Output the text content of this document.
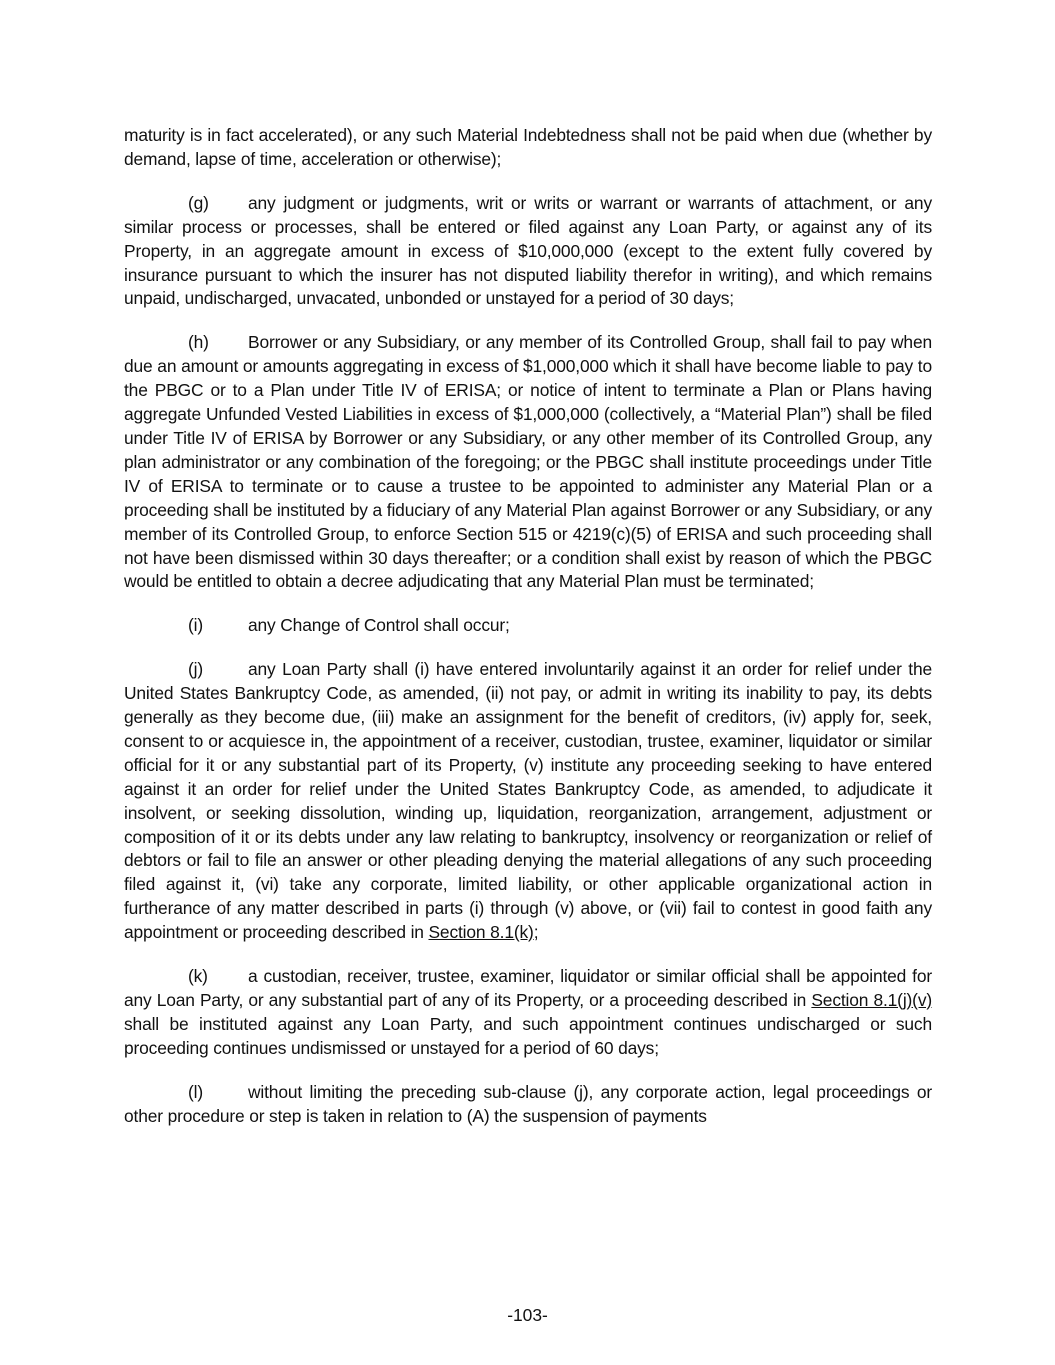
maturity is in fact accelerated), or any such Material Indebtedness shall not be paid when due (whether by demand, lapse of time, acceleration or otherwise);

(g) any judgment or judgments, writ or writs or warrant or warrants of attachment, or any similar process or processes, shall be entered or filed against any Loan Party, or against any of its Property, in an aggregate amount in excess of $10,000,000 (except to the extent fully covered by insurance pursuant to which the insurer has not disputed liability therefor in writing), and which remains unpaid, undischarged, unvacated, unbonded or unstayed for a period of 30 days;

(h) Borrower or any Subsidiary, or any member of its Controlled Group, shall fail to pay when due an amount or amounts aggregating in excess of $1,000,000 which it shall have become liable to pay to the PBGC or to a Plan under Title IV of ERISA; or notice of intent to terminate a Plan or Plans having aggregate Unfunded Vested Liabilities in excess of $1,000,000 (collectively, a “Material Plan”) shall be filed under Title IV of ERISA by Borrower or any Subsidiary, or any other member of its Controlled Group, any plan administrator or any combination of the foregoing; or the PBGC shall institute proceedings under Title IV of ERISA to terminate or to cause a trustee to be appointed to administer any Material Plan or a proceeding shall be instituted by a fiduciary of any Material Plan against Borrower or any Subsidiary, or any member of its Controlled Group, to enforce Section 515 or 4219(c)(5) of ERISA and such proceeding shall not have been dismissed within 30 days thereafter; or a condition shall exist by reason of which the PBGC would be entitled to obtain a decree adjudicating that any Material Plan must be terminated;

(i)	any Change of Control shall occur;

(j)	any Loan Party shall (i) have entered involuntarily against it an order for relief under the United States Bankruptcy Code, as amended, (ii) not pay, or admit in writing its inability to pay, its debts generally as they become due, (iii) make an assignment for the benefit of creditors, (iv) apply for, seek, consent to or acquiesce in, the appointment of a receiver, custodian, trustee, examiner, liquidator or similar official for it or any substantial part of its Property, (v) institute any proceeding seeking to have entered against it an order for relief under the United States Bankruptcy Code, as amended, to adjudicate it insolvent, or seeking dissolution, winding up, liquidation, reorganization, arrangement, adjustment or composition of it or its debts under any law relating to bankruptcy, insolvency or reorganization or relief of debtors or fail to file an answer or other pleading denying the material allegations of any such proceeding filed against it, (vi) take any corporate, limited liability, or other applicable organizational action in furtherance of any matter described in parts (i) through (v) above, or (vii) fail to contest in good faith any appointment or proceeding described in Section 8.1(k);

(k) a custodian, receiver, trustee, examiner, liquidator or similar official shall be appointed for any Loan Party, or any substantial part of any of its Property, or a proceeding described in Section 8.1(j)(v) shall be instituted against any Loan Party, and such appointment continues undischarged or such proceeding continues undismissed or unstayed for a period of 60 days;

(l)	without limiting the preceding sub-clause (j), any corporate action, legal proceedings or other procedure or step is taken in relation to (A) the suspension of payments

-103-
